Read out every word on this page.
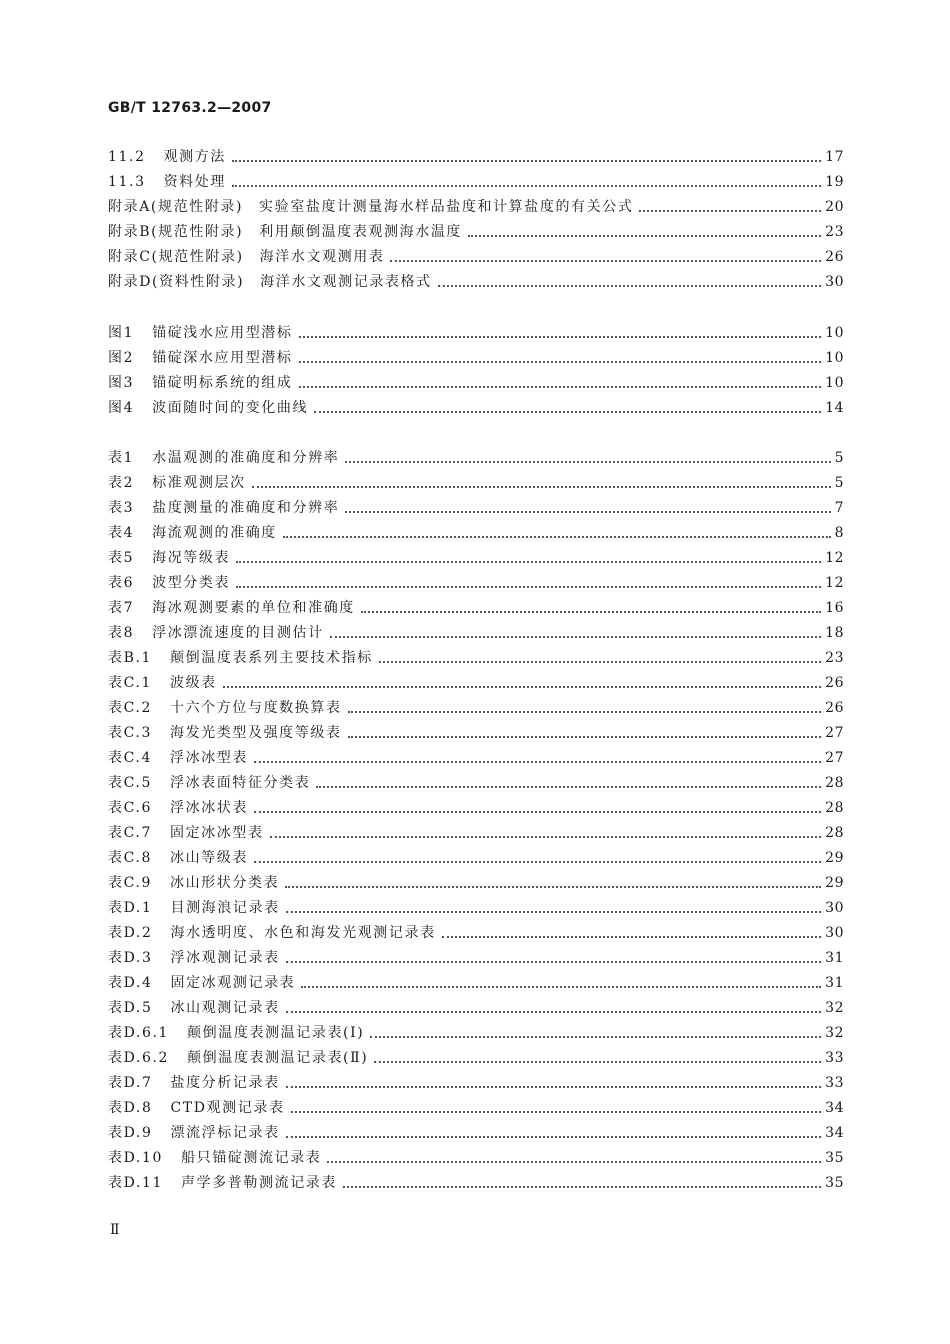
GB/T 12763.2—2007
11.2 观测方法	17
11.3 资料处理	19
附录A(规范性附录) 实验室盐度计测量海水样品盐度和计算盐度的有关公式	20
附录B(规范性附录) 利用颠倒温度表观测海水温度	23
附录C(规范性附录) 海洋水文观测用表	26
附录D(资料性附录) 海洋水文观测记录表格式	30
图1 锚碇浅水应用型潜标	10
图2 锚碇深水应用型潜标	10
图3 锚碇明标系统的组成	10
图4 波面随时间的变化曲线	14
表1 水温观测的准确度和分辨率	5
表2 标准观测层次	5
表3 盐度测量的准确度和分辨率	7
表4 海流观测的准确度	8
表5 海况等级表	12
表6 波型分类表	12
表7 海冰观测要素的单位和准确度	16
表8 浮冰漂流速度的目测估计	18
表B.1 颠倒温度表系列主要技术指标	23
表C.1 波级表	26
表C.2 十六个方位与度数换算表	26
表C.3 海发光类型及强度等级表	27
表C.4 浮冰冰型表	27
表C.5 浮冰表面特征分类表	28
表C.6 浮冰冰状表	28
表C.7 固定冰冰型表	28
表C.8 冰山等级表	29
表C.9 冰山形状分类表	29
表D.1 目测海浪记录表	30
表D.2 海水透明度、水色和海发光观测记录表	30
表D.3 浮冰观测记录表	31
表D.4 固定冰观测记录表	31
表D.5 冰山观测记录表	32
表D.6.1 颠倒温度表测温记录表(Ⅰ)	32
表D.6.2 颠倒温度表测温记录表(Ⅱ)	33
表D.7 盐度分析记录表	33
表D.8 CTD观测记录表	34
表D.9 漂流浮标记录表	34
表D.10 船只锚碇测流记录表	35
表D.11 声学多普勒测流记录表	35
Ⅱ
